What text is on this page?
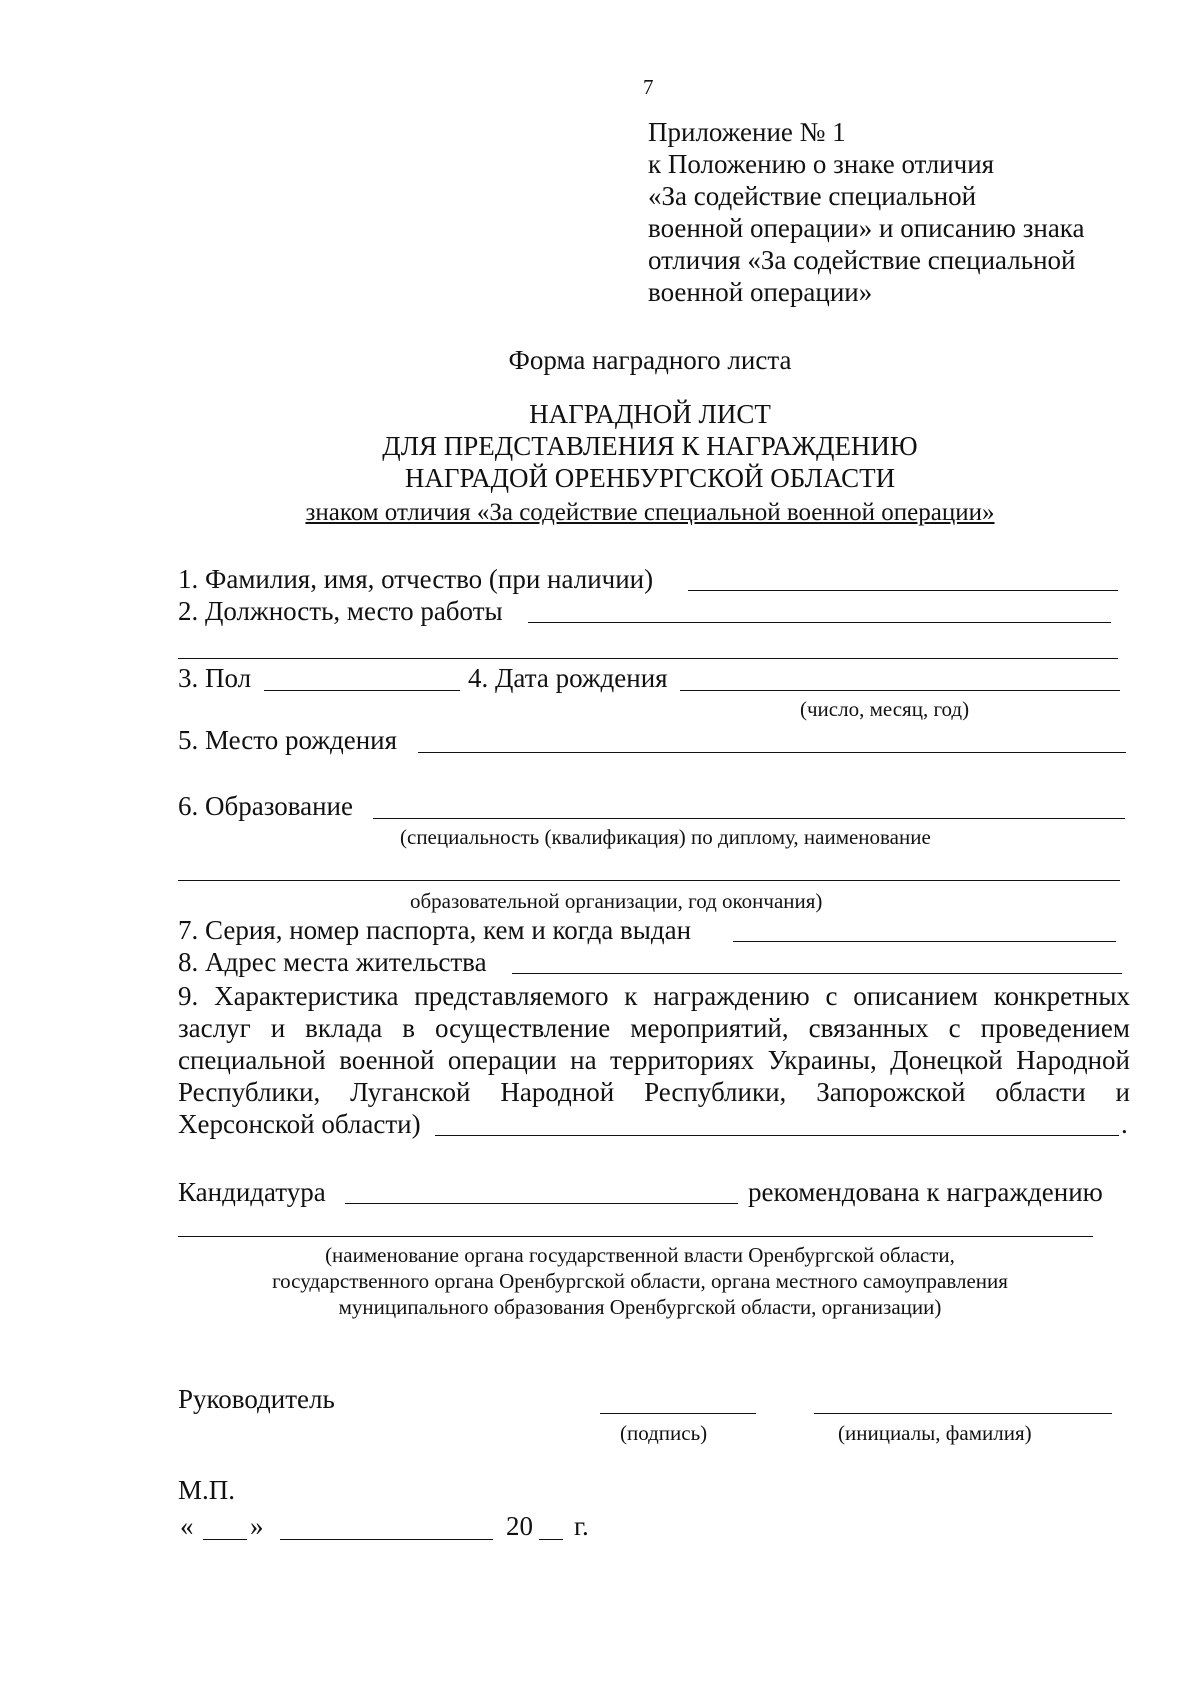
7
Приложение № 1
к Положению о знаке отличия
«За содействие специальной
военной операции» и описанию знака
отличия «За содействие специальной
военной операции»
Форма наградного листа
НАГРАДНОЙ ЛИСТ
ДЛЯ ПРЕДСТАВЛЕНИЯ К НАГРАЖДЕНИЮ
НАГРАДОЙ ОРЕНБУРГСКОЙ ОБЛАСТИ
знаком отличия «За содействие специальной военной операции»
1. Фамилия, имя, отчество (при наличии)
2. Должность, место работы
3. Пол	4. Дата рождения
(число, месяц, год)
5. Место рождения
6. Образование
(специальность (квалификация) по диплому, наименование
образовательной организации, год окончания)
7. Серия, номер паспорта, кем и когда выдан
8. Адрес места жительства
9. Характеристика представляемого к награждению с описанием конкретных
заслуг и вклада в осуществление мероприятий, связанных с проведением
специальной военной операции на территориях Украины, Донецкой Народной
Республики, Луганской Народной Республики, Запорожской области и
Херсонской области)	.
Кандидатура	рекомендована к награждению
(наименование органа государственной власти Оренбургской области,
государственного органа Оренбургской области, органа местного самоуправления
муниципального образования Оренбургской области, организации)
Руководитель
(подпись)	(инициалы, фамилия)
М.П.
« »	20 г.
